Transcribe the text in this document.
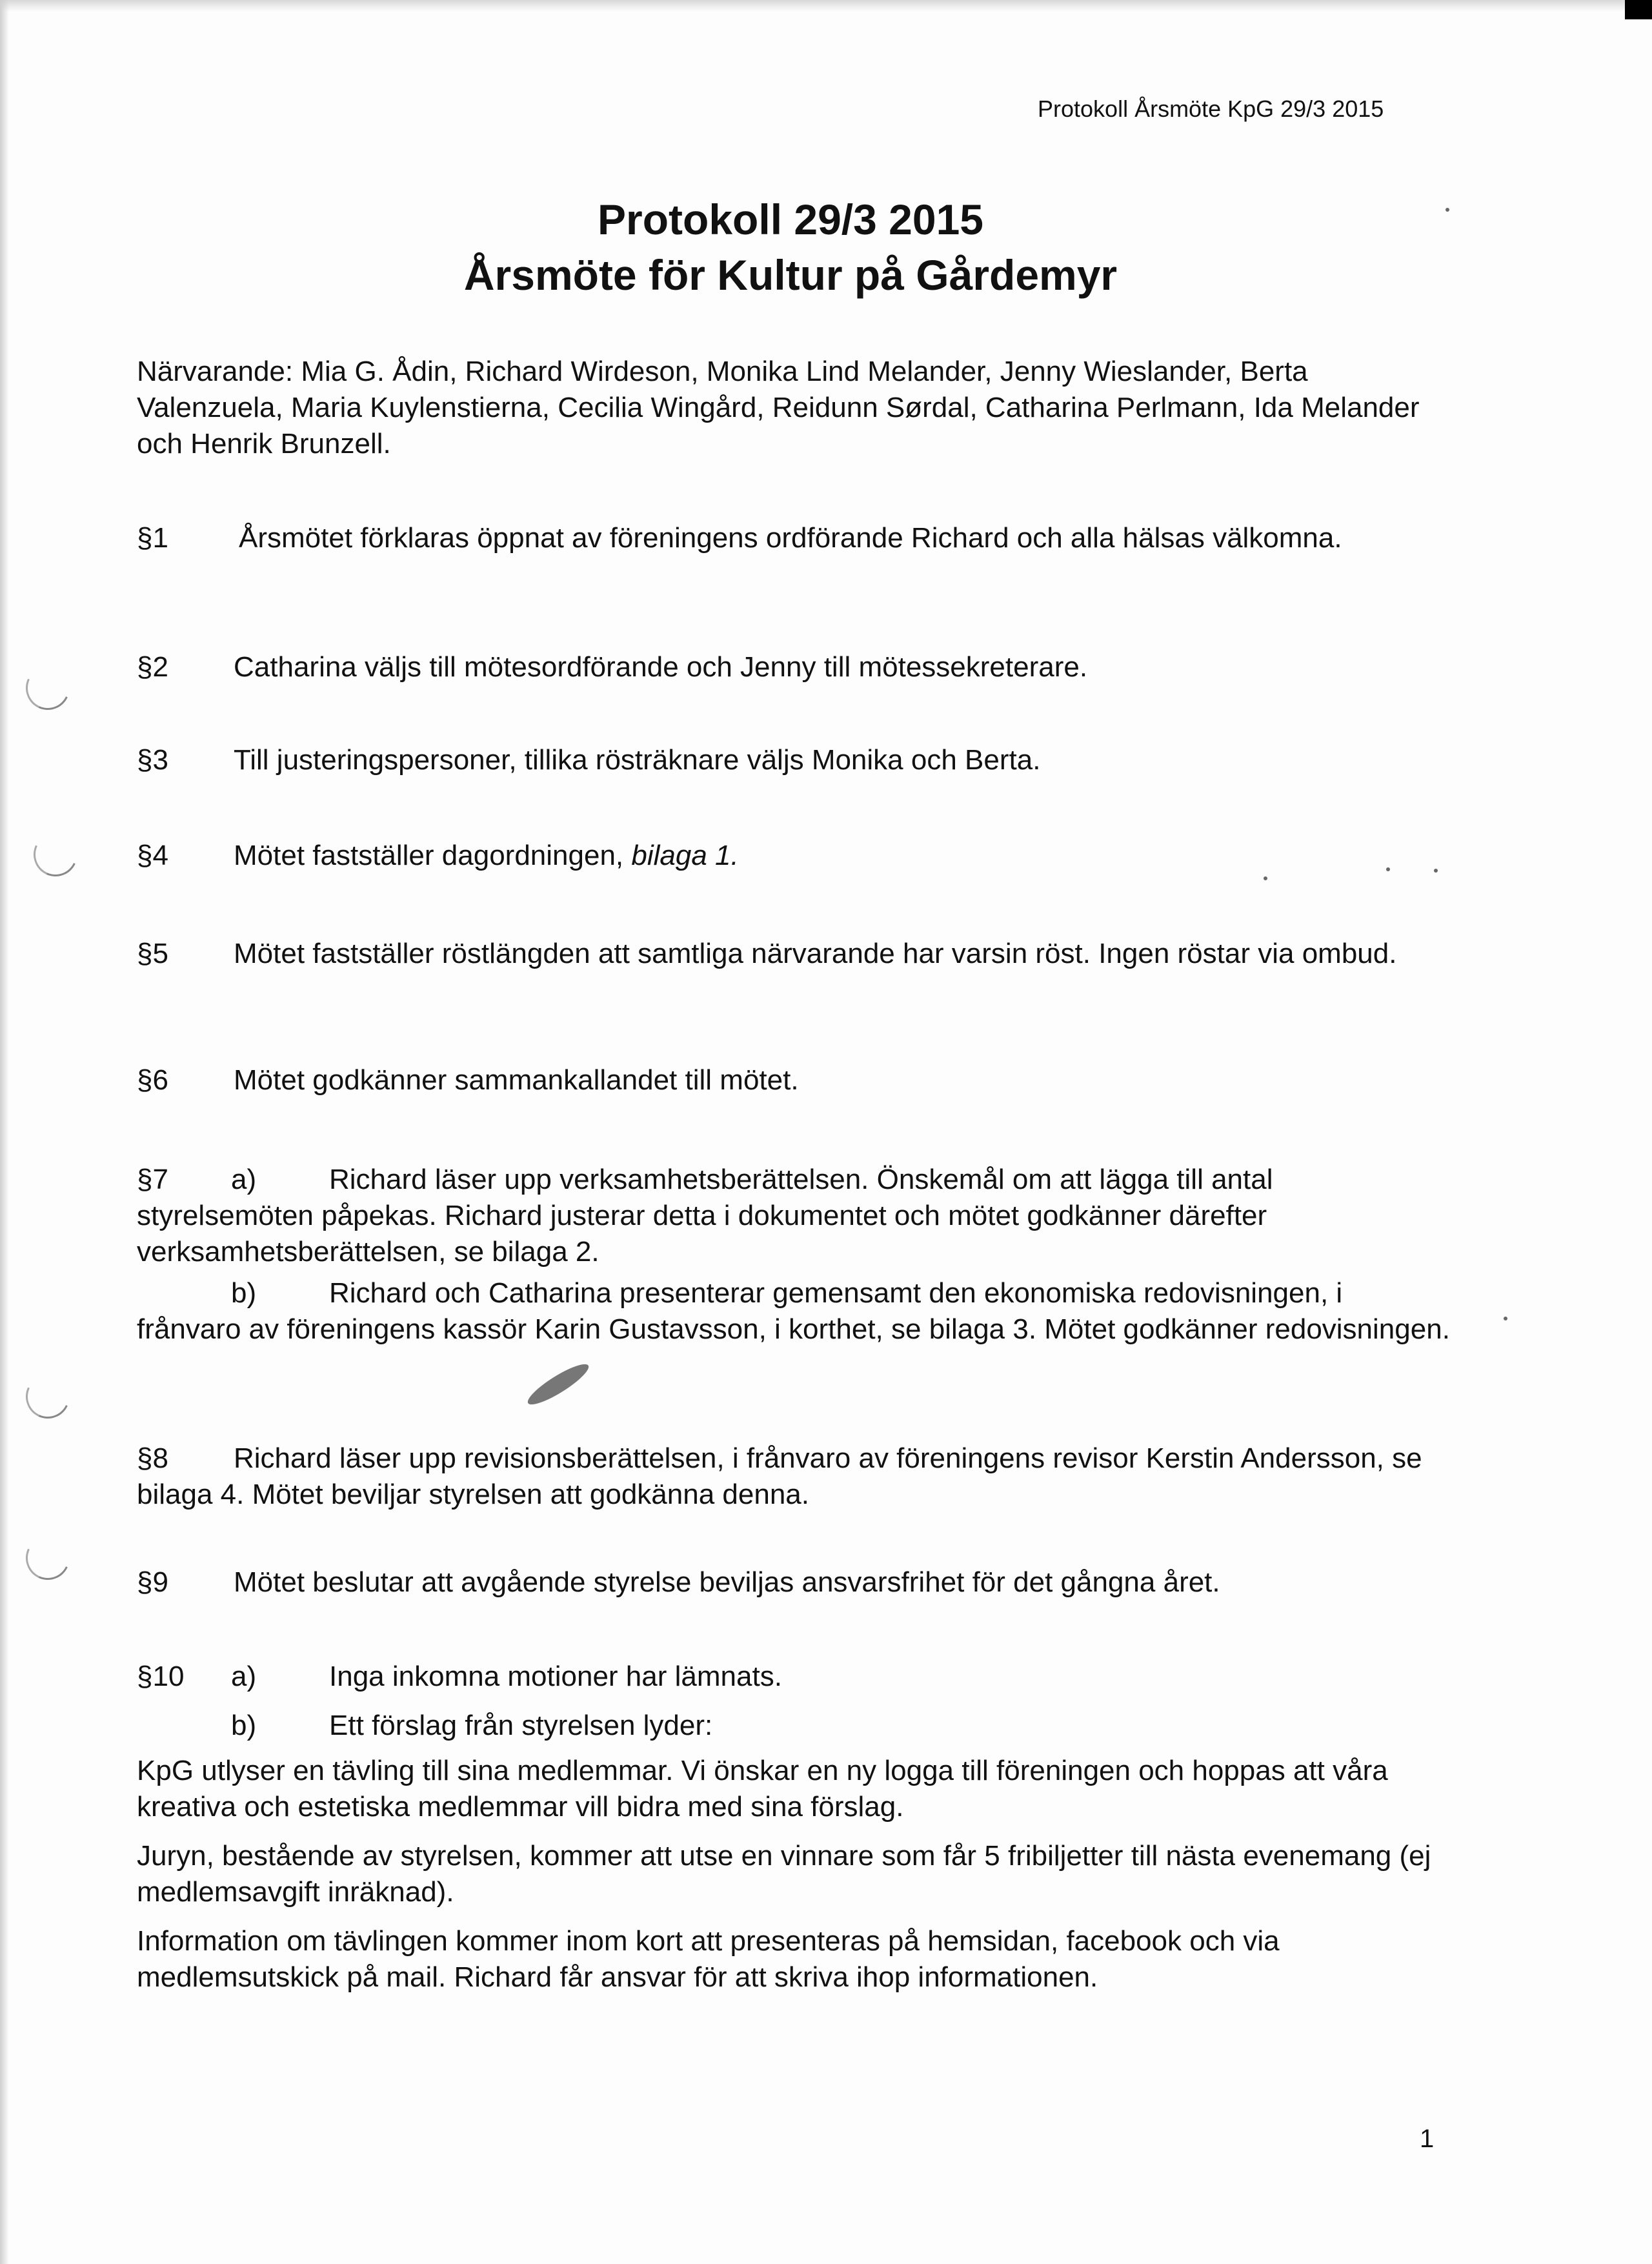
Protokoll Årsmöte KpG 29/3 2015
Protokoll 29/3 2015
Årsmöte för Kultur på Gårdemyr
Närvarande: Mia G. Ådin, Richard Wirdeson, Monika Lind Melander, Jenny Wieslander, Berta Valenzuela, Maria Kuylenstierna, Cecilia Wingård, Reidunn Sørdal, Catharina Perlmann, Ida Melander och Henrik Brunzell.
§1	Årsmötet förklaras öppnat av föreningens ordförande Richard och alla hälsas välkomna.
§2 Catharina väljs till mötesordförande och Jenny till mötessekreterare.
§3 Till justeringspersoner, tillika rösträknare väljs Monika och Berta.
§4 Mötet fastställer dagordningen, bilaga 1.
§5	Mötet fastställer röstlängden att samtliga närvarande har varsin röst. Ingen röstar via ombud.
§6 Mötet godkänner sammankallandet till mötet.
§7 a)	Richard läser upp verksamhetsberättelsen. Önskemål om att lägga till antal styrelsemöten påpekas. Richard justerar detta i dokumentet och mötet godkänner därefter verksamhetsberättelsen, se bilaga 2.
b)	Richard och Catharina presenterar gemensamt den ekonomiska redovisningen, i frånvaro av föreningens kassör Karin Gustavsson, i korthet, se bilaga 3. Mötet godkänner redovisningen.
§8	Richard läser upp revisionsberättelsen, i frånvaro av föreningens revisor Kerstin Andersson, se bilaga 4. Mötet beviljar styrelsen att godkänna denna.
§9 Mötet beslutar att avgående styrelse beviljas ansvarsfrihet för det gångna året.
§10 a)	Inga inkomna motioner har lämnats.
b)	Ett förslag från styrelsen lyder:
KpG utlyser en tävling till sina medlemmar. Vi önskar en ny logga till föreningen och hoppas att våra kreativa och estetiska medlemmar vill bidra med sina förslag.
Juryn, bestående av styrelsen, kommer att utse en vinnare som får 5 fribiljetter till nästa evenemang (ej medlemsavgift inräknad).
Information om tävlingen kommer inom kort att presenteras på hemsidan, facebook och via medlemsutskick på mail. Richard får ansvar för att skriva ihop informationen.
1
